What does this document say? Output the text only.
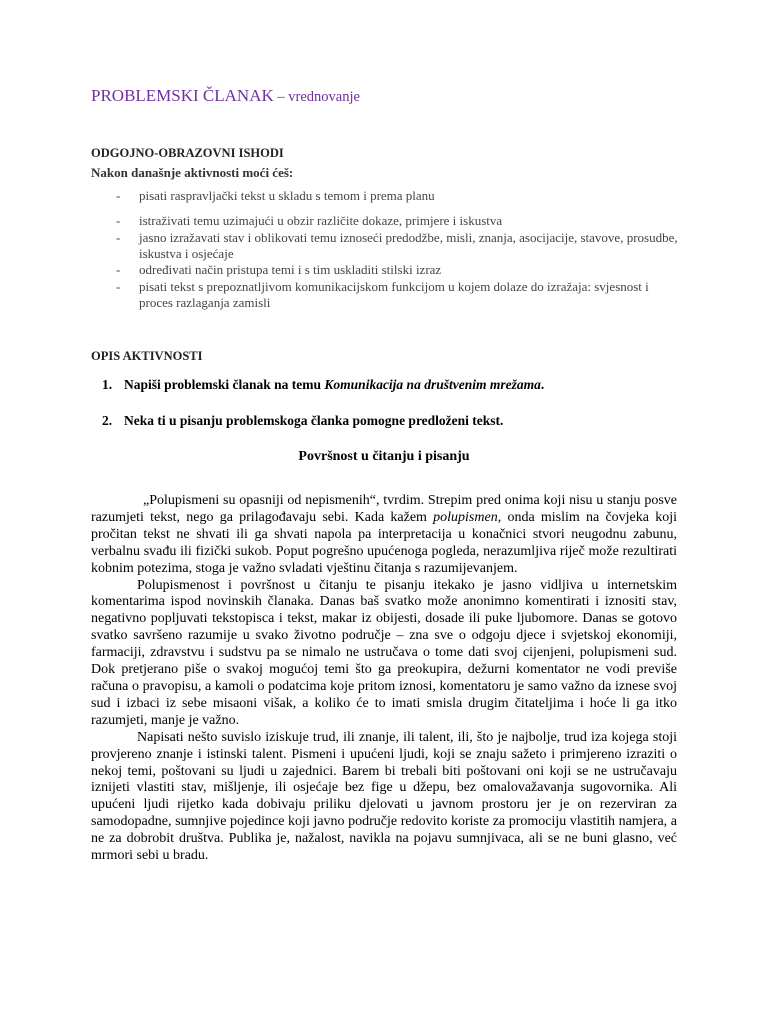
PROBLEMSKI ČLANAK – vrednovanje
ODGOJNO-OBRAZOVNI ISHODI
Nakon današnje aktivnosti moći ćeš:
- pisati raspravljački tekst u skladu s temom i prema planu
- istraživati temu uzimajući u obzir različite dokaze, primjere i iskustva
- jasno izražavati stav i oblikovati temu iznoseći predodžbe, misli, znanja, asocijacije, stavove, prosudbe, iskustva i osjećaje
- određivati način pristupa temi i s tim uskladiti stilski izraz
- pisati tekst s prepoznatljivom komunikacijskom funkcijom u kojem dolaze do izražaja: svjesnost i proces razlaganja zamisli
OPIS AKTIVNOSTI
1. Napiši problemski članak na temu Komunikacija na društvenim mrežama.
2. Neka ti u pisanju problemskoga članka pomogne predloženi tekst.
Površnost u čitanju i pisanju

„Polupismeni su opasniji od nepismenih“, tvrdim. Strepim pred onima koji nisu u stanju posve razumjeti tekst, nego ga prilagođavaju sebi. Kada kažem polupismen, onda mislim na čovjeka koji pročitan tekst ne shvati ili ga shvati napola pa interpretacija u konačnici stvori neugodnu zabunu, verbalnu svađu ili fizički sukob. Poput pogrešno upućenoga pogleda, nerazumljiva riječ može rezultirati kobnim potezima, stoga je važno svladati vještinu čitanja s razumijevanjem.

Polupismenost i površnost u čitanju te pisanju itekako je jasno vidljiva u internetskim komentarima ispod novinskih članaka. Danas baš svatko može anonimno komentirati i iznositi stav, negativno popljuvati tekstopisca i tekst, makar iz obijesti, dosade ili puke ljubomore. Danas se gotovo svatko savršeno razumije u svako životno područje – zna sve o odgoju djece i svjetskoj ekonomiji, farmaciji, zdravstvu i sudstvu pa se nimalo ne ustručava o tome dati svoj cijenjeni, polupismeni sud. Dok pretjerano piše o svakoj mogućoj temi što ga preokupira, dežurni komentator ne vodi previše računa o pravopisu, a kamoli o podatcima koje pritom iznosi, komentatoru je samo važno da iznese svoj sud i izbaci iz sebe misaoni višak, a koliko će to imati smisla drugim čitateljima i hoće li ga itko razumjeti, manje je važno.

Napisati nešto suvislo iziskuje trud, ili znanje, ili talent, ili, što je najbolje, trud iza kojega stoji provjereno znanje i istinski talent. Pismeni i upućeni ljudi, koji se znaju sažeto i primjereno izraziti o nekoj temi, poštovani su ljudi u zajednici. Barem bi trebali biti poštovani oni koji se ne ustručavaju iznijeti vlastiti stav, mišljenje, ili osjećaje bez fige u džepu, bez omalovažavanja sugovornika. Ali upućeni ljudi rijetko kada dobivaju priliku djelovati u javnom prostoru jer je on rezerviran za samodopadne, sumnjive pojedince koji javno područje redovito koriste za promociju vlastitih namjera, a ne za dobrobit društva. Publika je, nažalost, navikla na pojavu sumnjivaca, ali se ne buni glasno, već mrmori sebi u bradu.
